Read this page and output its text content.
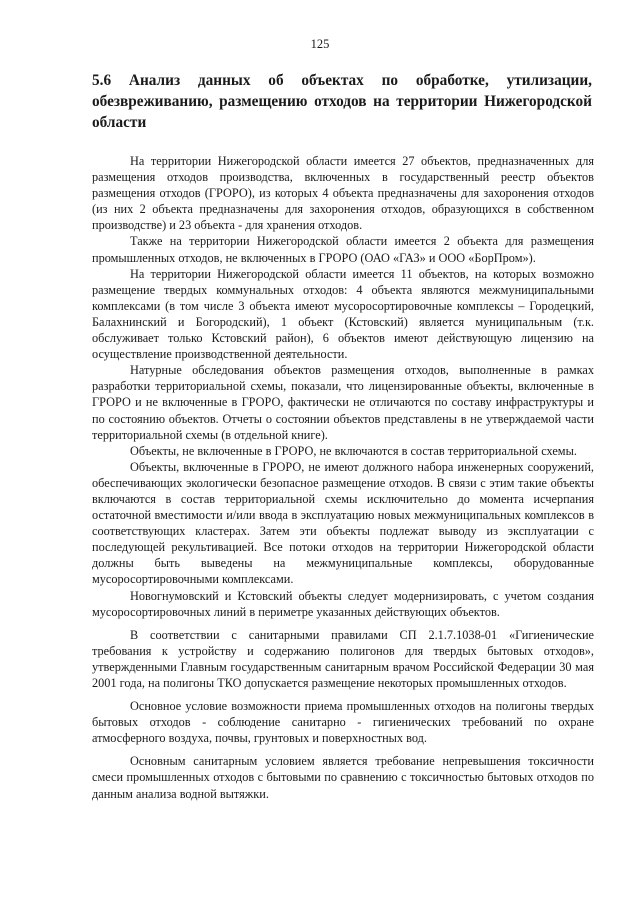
125
5.6 Анализ данных об объектах по обработке, утилизации, обезвреживанию, размещению отходов на территории Нижегородской области

На территории Нижегородской области имеется 27 объектов, предназначенных для размещения отходов производства, включенных в государственный реестр объектов размещения отходов (ГРОРО), из которых 4 объекта предназначены для захоронения отходов (из них 2 объекта предназначены для захоронения отходов, образующихся в собственном производстве) и 23 объекта - для хранения отходов.

Также на территории Нижегородской области имеется 2 объекта для размещения промышленных отходов, не включенных в ГРОРО (ОАО «ГАЗ» и ООО «БорПром»).

На территории Нижегородской области имеется 11 объектов, на которых возможно размещение твердых коммунальных отходов: 4 объекта являются межмуниципальными комплексами (в том числе 3 объекта имеют мусоросортировочные комплексы – Городецкий, Балахнинский и Богородский), 1 объект (Кстовский) является муниципальным (т.к. обслуживает только Кстовский район), 6 объектов имеют действующую лицензию на осуществление производственной деятельности.

Натурные обследования объектов размещения отходов, выполненные в рамках разработки территориальной схемы, показали, что лицензированные объекты, включенные в ГРОРО и не включенные в ГРОРО, фактически не отличаются по составу инфраструктуры и по состоянию объектов. Отчеты о состоянии объектов представлены в не утверждаемой части территориальной схемы (в отдельной книге).

Объекты, не включенные в ГРОРО, не включаются в состав территориальной схемы.

Объекты, включенные в ГРОРО, не имеют должного набора инженерных сооружений, обеспечивающих экологически безопасное размещение отходов. В связи с этим такие объекты включаются в состав территориальной схемы исключительно до момента исчерпания остаточной вместимости и/или ввода в эксплуатацию новых межмуниципальных комплексов в соответствующих кластерах. Затем эти объекты подлежат выводу из эксплуатации с последующей рекультивацией. Все потоки отходов на территории Нижегородской области должны быть выведены на межмуниципальные комплексы, оборудованные мусоросортировочными комплексами.

Новогнумовский и Кстовский объекты следует модернизировать, с учетом создания мусоросортировочных линий в периметре указанных действующих объектов.

В соответствии с санитарными правилами СП 2.1.7.1038-01 «Гигиенические требования к устройству и содержанию полигонов для твердых бытовых отходов», утвержденными Главным государственным санитарным врачом Российской Федерации 30 мая 2001 года, на полигоны ТКО допускается размещение некоторых промышленных отходов.

Основное условие возможности приема промышленных отходов на полигоны твердых бытовых отходов - соблюдение санитарно - гигиенических требований по охране атмосферного воздуха, почвы, грунтовых и поверхностных вод.

Основным санитарным условием является требование непревышения токсичности смеси промышленных отходов с бытовыми по сравнению с токсичностью бытовых отходов по данным анализа водной вытяжки.
